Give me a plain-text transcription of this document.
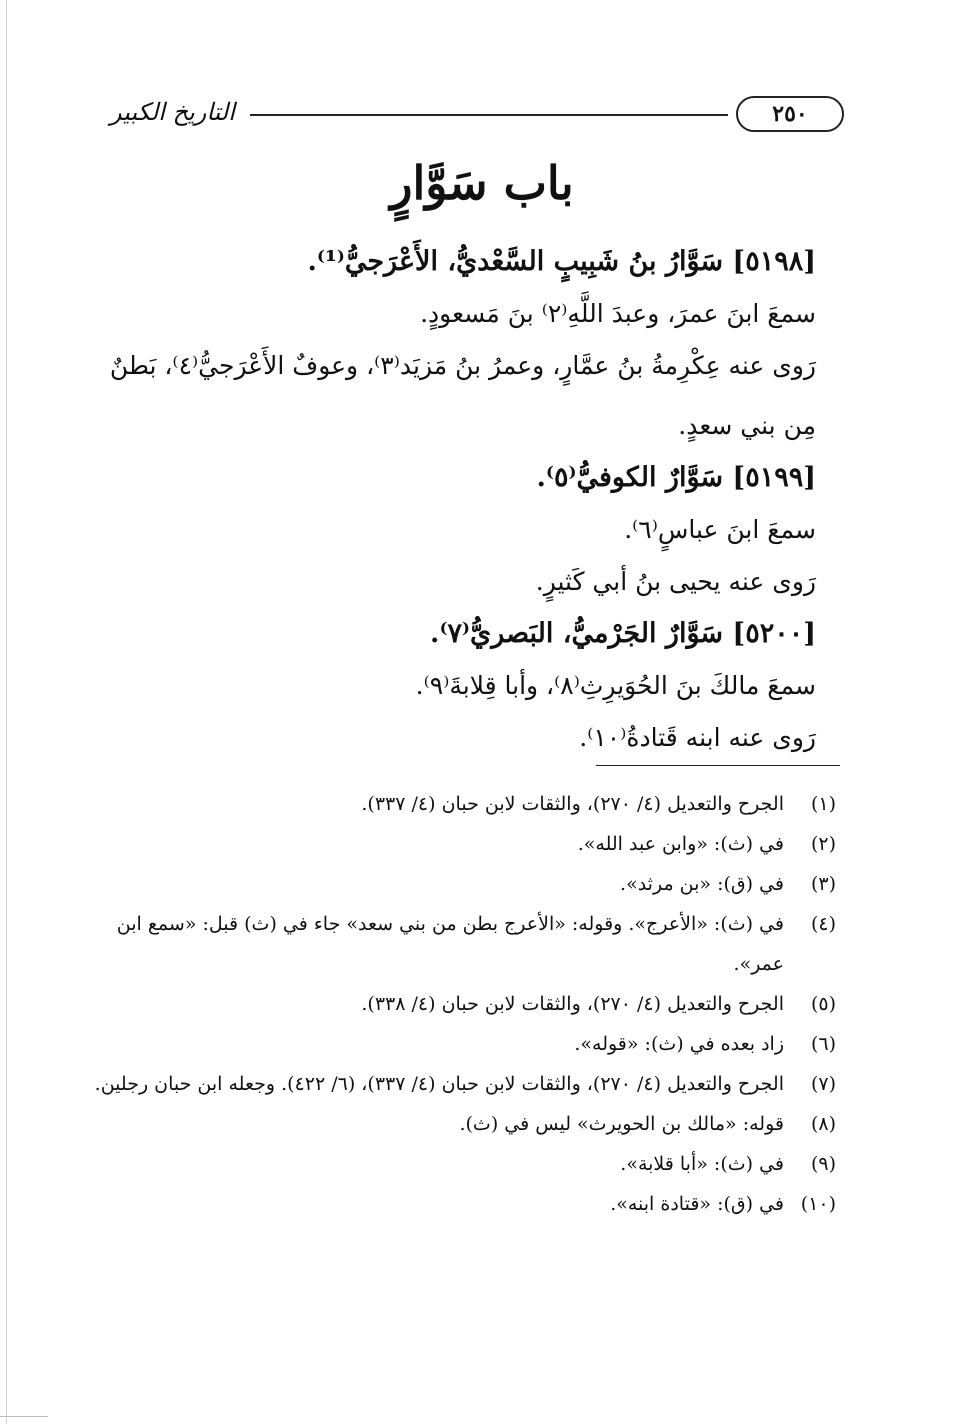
التاريخ الكبير	٢٥٠
باب سَوَّارٍ
[٥١٩٨] سَوَّارُ بنُ شَبِيبٍ السَّعْديُّ، الأَعْرَجيُّ⁽¹⁾.
سمعَ ابنَ عمرَ، وعبدَ اللَّهِ⁽٢⁾ بنَ مَسعودٍ.
رَوى عنه عِكْرِمةُ بنُ عمَّارٍ، وعمرُ بنُ مَزيَد⁽٣⁾، وعوفٌ الأَعْرَجيُّ⁽٤⁾، بَطنٌ
مِن بني سعدٍ.
[٥١٩٩] سَوَّارٌ الكوفيُّ⁽٥⁾.
سمعَ ابنَ عباسٍ⁽٦⁾.
رَوى عنه يحيى بنُ أبي كَثيرٍ.
[٥٢٠٠] سَوَّارٌ الجَرْميُّ، البَصريُّ⁽٧⁾.
سمعَ مالكَ بنَ الحُوَيرِثِ⁽٨⁾، وأبا قِلابةَ⁽٩⁾.
رَوى عنه ابنه قَتادةُ⁽١٠⁾.
(١)
الجرح والتعديل (٤/ ٢٧٠)، والثقات لابن حبان (٤/ ٣٣٧).
(٢)
في (ث): «وابن عبد الله».
(٣)
في (ق): «بن مرثد».
(٤)
في (ث): «الأعرج». وقوله: «الأعرج بطن من بني سعد» جاء في (ث) قبل: «سمع ابن عمر».
(٥)
الجرح والتعديل (٤/ ٢٧٠)، والثقات لابن حبان (٤/ ٣٣٨).
(٦)
زاد بعده في (ث): «قوله».
(٧)
الجرح والتعديل (٤/ ٢٧٠)، والثقات لابن حبان (٤/ ٣٣٧)، (٦/ ٤٢٢). وجعله ابن حبان رجلين.
(٨)
قوله: «مالك بن الحويرث» ليس في (ث).
(٩)
في (ث): «أبا قلابة».
(١٠)
في (ق): «قتادة ابنه».
